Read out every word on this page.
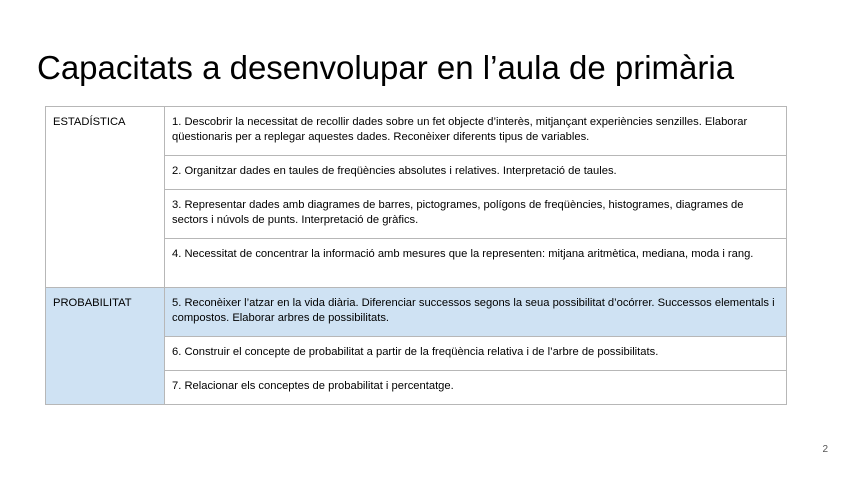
Capacitats a desenvolupar en l’aula de primària
ESTADÍSTICA	1. Descobrir la necessitat de recollir dades sobre un fet objecte d’interès, mitjançant experiències senzilles. Elaborar qüestionaris per a replegar aquestes dades. Reconèixer diferents tipus de variables.
	2. Organitzar dades en taules de freqüències absolutes i relatives. Interpretació de taules.
	3. Representar dades amb diagrames de barres, pictogrames, polígons de freqüències, histogrames, diagrames de sectors i núvols de punts. Interpretació de gràfics.
	4. Necessitat de concentrar la informació amb mesures que la representen: mitjana aritmètica, mediana, moda i rang.
PROBABILITAT	5. Reconèixer l’atzar en la vida diària. Diferenciar successos segons la seua possibilitat d’ocórrer. Successos elementals i compostos. Elaborar arbres de possibilitats.
	6. Construir el concepte de probabilitat a partir de la freqüència relativa i de l’arbre de possibilitats.
	7. Relacionar els conceptes de probabilitat i percentatge.
2
